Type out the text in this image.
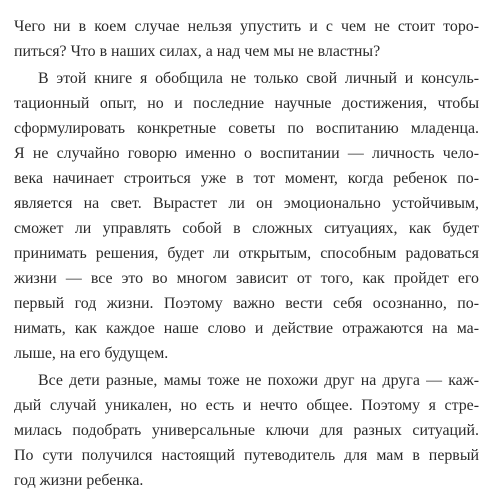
Чего ни в коем случае нельзя упустить и с чем не стоит торо-
питься? Что в наших силах, а над чем мы не властны?
В этой книге я обобщила не только свой личный и консуль-
тационный опыт, но и последние научные достижения, чтобы
сформулировать конкретные советы по воспитанию младенца.
Я не случайно говорю именно о воспитании — личность чело-
века начинает строиться уже в тот момент, когда ребенок по-
является на свет. Вырастет ли он эмоционально устойчивым,
сможет ли управлять собой в сложных ситуациях, как будет
принимать решения, будет ли открытым, способным радоваться
жизни — все это во многом зависит от того, как пройдет его
первый год жизни. Поэтому важно вести себя осознанно, по-
нимать, как каждое наше слово и действие отражаются на ма-
лыше, на его будущем.
Все дети разные, мамы тоже не похожи друг на друга — каж-
дый случай уникален, но есть и нечто общее. Поэтому я стре-
милась подобрать универсальные ключи для разных ситуаций.
По сути получился настоящий путеводитель для мам в первый
год жизни ребенка.
